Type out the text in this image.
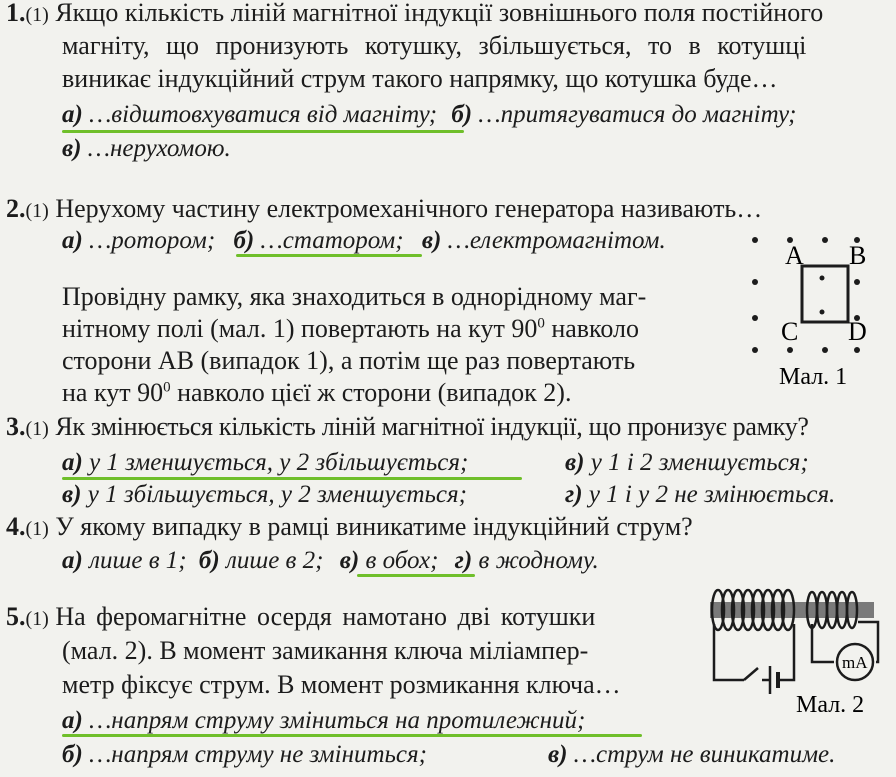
1.(1) Якщо кількість ліній магнітної індукції зовнішнього поля постійного
магніту, що пронизують котушку, збільшується, то в котушці
виникає індукційний струм такого напрямку, що котушка буде…
а) …відштовхуватися від магніту; б) …притягуватися до магніту;
в) …нерухомою.
2.(1) Нерухому частину електромеханічного генератора називають…
а) …ротором; б) …статором; в) …електромагнітом.
Провідну рамку, яка знаходиться в однорідному маг-
нітному полі (мал. 1) повертають на кут $90^0$ навколо
сторони АВ (випадок 1), а потім ще раз повертають
на кут $90^0$ навколо цієї ж сторони (випадок 2).
A B
C D
Мал. 1
3.(1) Як змінюється кількість ліній магнітної індукції, що пронизує рамку?
а) у 1 зменшується, у 2 збільшується;	в) у 1 і 2 зменшується;
в) у 1 збільшується, у 2 зменшується;	г) у 1 і у 2 не змінюється.
4.(1) У якому випадку в рамці виникатиме індукційний струм?
а) лише в 1; б) лише в 2; в) в обох; г) в жодному.
5.(1) На феромагнітне осердя намотано дві котушки
(мал. 2). В момент замикання ключа міліампер-
метр фіксує струм. В момент розмикання ключа…
а) …напрям струму зміниться на протилежний;
б) …напрям струму не зміниться;	в) …струм не виникатиме.
mA
Мал. 2
